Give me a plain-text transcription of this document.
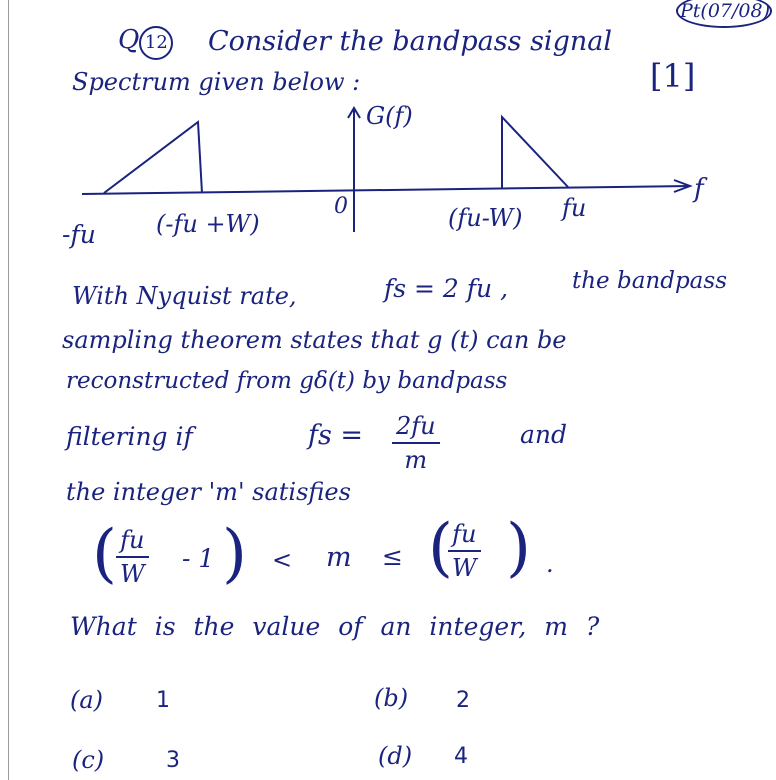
Pt(07/08)
Q 12 Consider the bandpass signal
Spectrum given below :	[1]
G(f)
f
-fu	(-fu +W)
0	(fu-W) fu
With Nyquist rate,	fs = 2 fu ,	the bandpass
sampling theorem states that g (t) can be
reconstructed from gδ(t) by bandpass
filtering if	fs = 2fu
m
and
the integer 'm' satisfies
( fu
W
- 1 ) < m ≤ ( fu
W ) .
What is the value of an integer, m ?
(a) 1	(b) 2
(c)	3	(d) 4
